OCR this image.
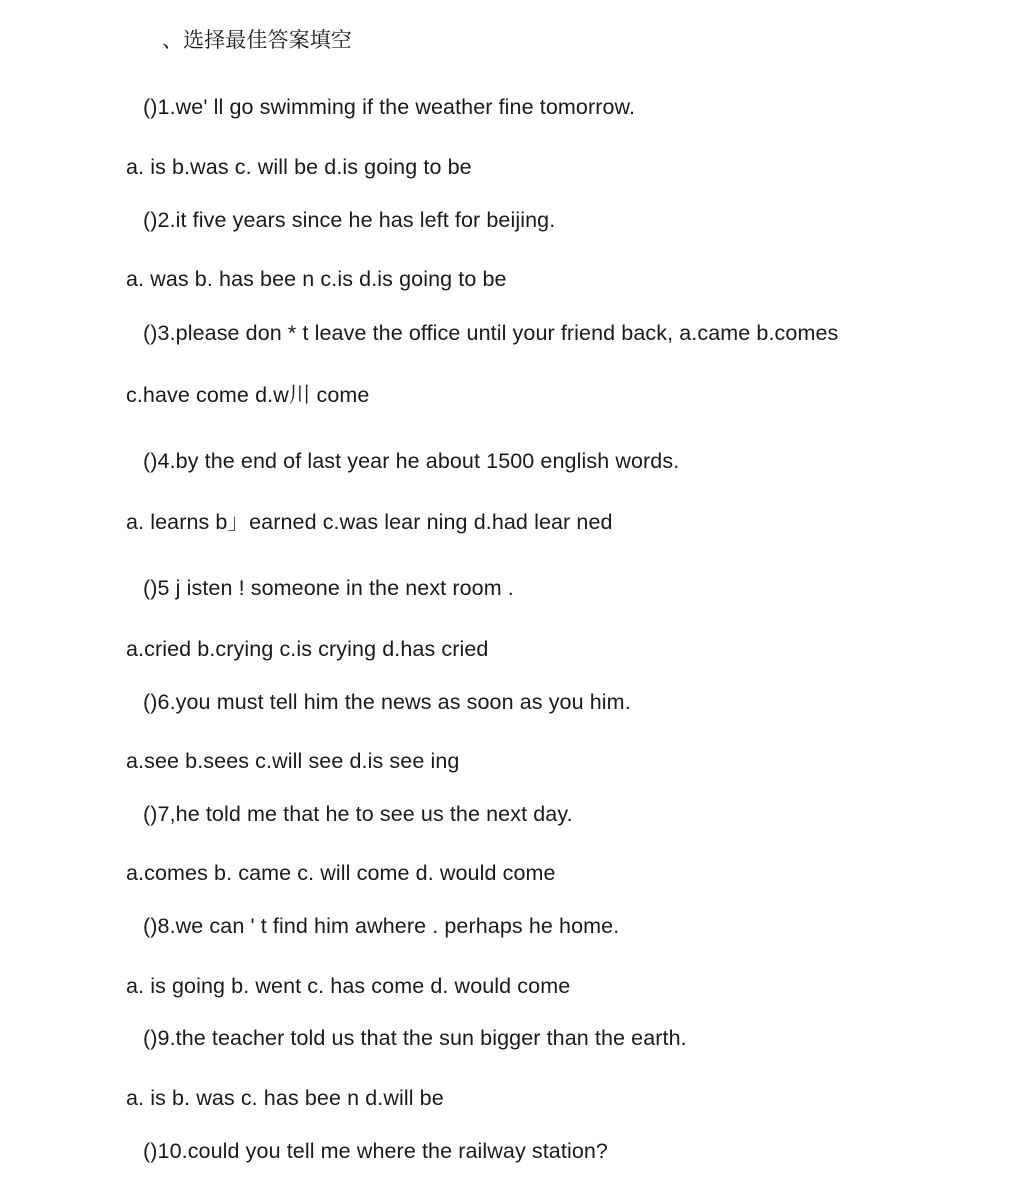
、选择最佳答案填空
()1.we' ll go swimming if the weather fine tomorrow.
a. is b.was c. will be d.is going to be
()2.it five years since he has left for beijing.
a. was b. has bee n c.is d.is going to be
()3.please don * t leave the office until your friend back, a.came b.comes
c.have come d.w川 come
()4.by the end of last year he about 1500 english words.
a. learns b」earned c.was lear ning d.had lear ned
()5 j isten ! someone in the next room .
a.cried b.crying c.is crying d.has cried
()6.you must tell him the news as soon as you him.
a.see b.sees c.will see d.is see ing
()7,he told me that he to see us the next day.
a.comes b. came c. will come d. would come
()8.we can ' t find him awhere . perhaps he home.
a. is going b. went c. has come d. would come
()9.the teacher told us that the sun bigger than the earth.
a. is b. was c. has bee n d.will be
()10.could you tell me where the railway station?
